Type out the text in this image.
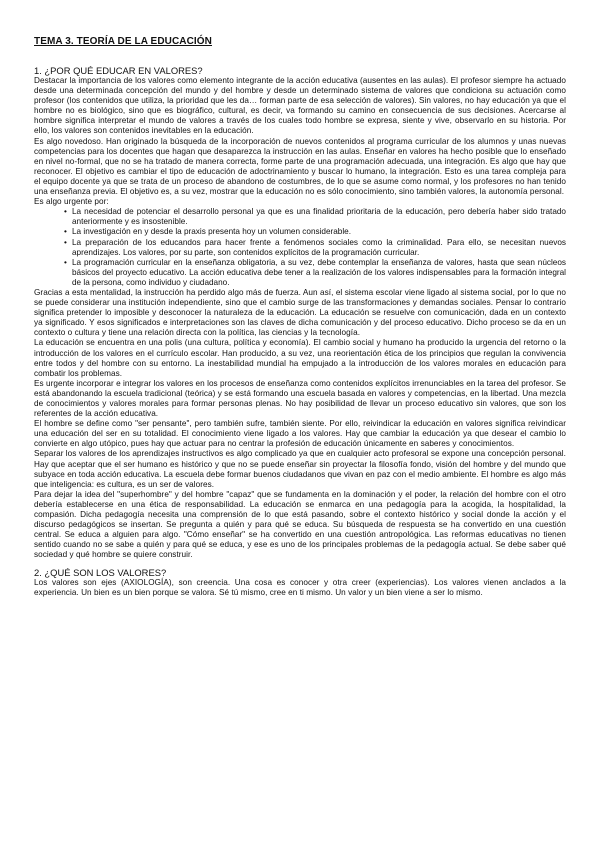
TEMA 3. TEORÍA DE LA EDUCACIÓN
1. ¿POR QUÉ EDUCAR EN VALORES?

Destacar la importancia de los valores como elemento integrante de la acción educativa (ausentes en las aulas). El profesor siempre ha actuado desde una determinada concepción del mundo y del hombre y desde un determinado sistema de valores que condiciona su actuación como profesor (los contenidos que utiliza, la prioridad que les da… forman parte de esa selección de valores). Sin valores, no hay educación ya que el hombre no es biológico, sino que es biográfico, cultural, es decir, va formando su camino en consecuencia de sus decisiones. Acercarse al hombre significa interpretar el mundo de valores a través de los cuales todo hombre se expresa, siente y vive, observarlo en su historia. Por ello, los valores son contenidos inevitables en la educación.

Es algo novedoso. Han originado la búsqueda de la incorporación de nuevos contenidos al programa curricular de los alumnos y unas nuevas competencias para los docentes que hagan que desaparezca la instrucción en las aulas. Enseñar en valores ha hecho posible que lo enseñado en nivel no-formal, que no se ha tratado de manera correcta, forme parte de una programación adecuada, una integración. Es algo que hay que reconocer. El objetivo es cambiar el tipo de educación de adoctrinamiento y buscar lo humano, la integración. Esto es una tarea compleja para el equipo docente ya que se trata de un proceso de abandono de costumbres, de lo que se asume como normal, y los profesores no han tenido una enseñanza previa. El objetivo es, a su vez, mostrar que la educación no es sólo conocimiento, sino también valores, la autonomía personal.

Es algo urgente por:

• La necesidad de potenciar el desarrollo personal ya que es una finalidad prioritaria de la educación, pero debería haber sido tratado anteriormente y es insostenible.
• La investigación en y desde la praxis presenta hoy un volumen considerable.
• La preparación de los educandos para hacer frente a fenómenos sociales como la criminalidad. Para ello, se necesitan nuevos aprendizajes. Los valores, por su parte, son contenidos explícitos de la programación curricular.
• La programación curricular en la enseñanza obligatoria, a su vez, debe contemplar la enseñanza de valores, hasta que sean núcleos básicos del proyecto educativo. La acción educativa debe tener a la realización de los valores indispensables para la formación integral de la persona, como individuo y ciudadano.

Gracias a esta mentalidad, la instrucción ha perdido algo más de fuerza. Aun así, el sistema escolar viene ligado al sistema social, por lo que no se puede considerar una institución independiente, sino que el cambio surge de las transformaciones y demandas sociales. Pensar lo contrario significa pretender lo imposible y desconocer la naturaleza de la educación. La educación se resuelve con comunicación, dada en un contexto ya significado. Y esos significados e interpretaciones son las claves de dicha comunicación y del proceso educativo. Dicho proceso se da en un contexto o cultura y tiene una relación directa con la política, las ciencias y la tecnología.

La educación se encuentra en una polis (una cultura, política y economía). El cambio social y humano ha producido la urgencia del retorno o la introducción de los valores en el currículo escolar. Han producido, a su vez, una reorientación ética de los principios que regulan la convivencia entre todos y del hombre con su entorno. La inestabilidad mundial ha empujado a la introducción de los valores morales en educación para combatir los problemas.

Es urgente incorporar e integrar los valores en los procesos de enseñanza como contenidos explícitos irrenunciables en la tarea del profesor. Se está abandonando la escuela tradicional (teórica) y se está formando una escuela basada en valores y competencias, en la libertad. Una mezcla de conocimientos y valores morales para formar personas plenas. No hay posibilidad de llevar un proceso educativo sin valores, que son los referentes de la acción educativa.

El hombre se define como "ser pensante", pero también sufre, también siente. Por ello, reivindicar la educación en valores significa reivindicar una educación del ser en su totalidad. El conocimiento viene ligado a los valores. Hay que cambiar la educación ya que desear el cambio lo convierte en algo utópico, pues hay que actuar para no centrar la profesión de educación únicamente en saberes y conocimientos.

Separar los valores de los aprendizajes instructivos es algo complicado ya que en cualquier acto profesoral se expone una concepción personal. Hay que aceptar que el ser humano es histórico y que no se puede enseñar sin proyectar la filosofía fondo, visión del hombre y del mundo que subyace en toda acción educativa. La escuela debe formar buenos ciudadanos que vivan en paz con el medio ambiente. El hombre es algo más que inteligencia: es cultura, es un ser de valores.

Para dejar la idea del "superhombre" y del hombre "capaz" que se fundamenta en la dominación y el poder, la relación del hombre con el otro debería establecerse en una ética de responsabilidad. La educación se enmarca en una pedagogía para la acogida, la hospitalidad, la compasión. Dicha pedagogía necesita una comprensión de lo que está pasando, sobre el contexto histórico y social donde la acción y el discurso pedagógicos se insertan. Se pregunta a quién y para qué se educa. Su búsqueda de respuesta se ha convertido en una cuestión central. Se educa a alguien para algo. "Cómo enseñar" se ha convertido en una cuestión antropológica. Las reformas educativas no tienen sentido cuando no se sabe a quién y para qué se educa, y ese es uno de los principales problemas de la pedagogía actual. Se debe saber qué sociedad y qué hombre se quiere construir.

2. ¿QUÉ SON LOS VALORES?

Los valores son ejes (AXIOLOGÍA), son creencia. Una cosa es conocer y otra creer (experiencias). Los valores vienen anclados a la experiencia. Un bien es un bien porque se valora. Sé tú mismo, cree en ti mismo. Un valor y un bien viene a ser lo mismo.
